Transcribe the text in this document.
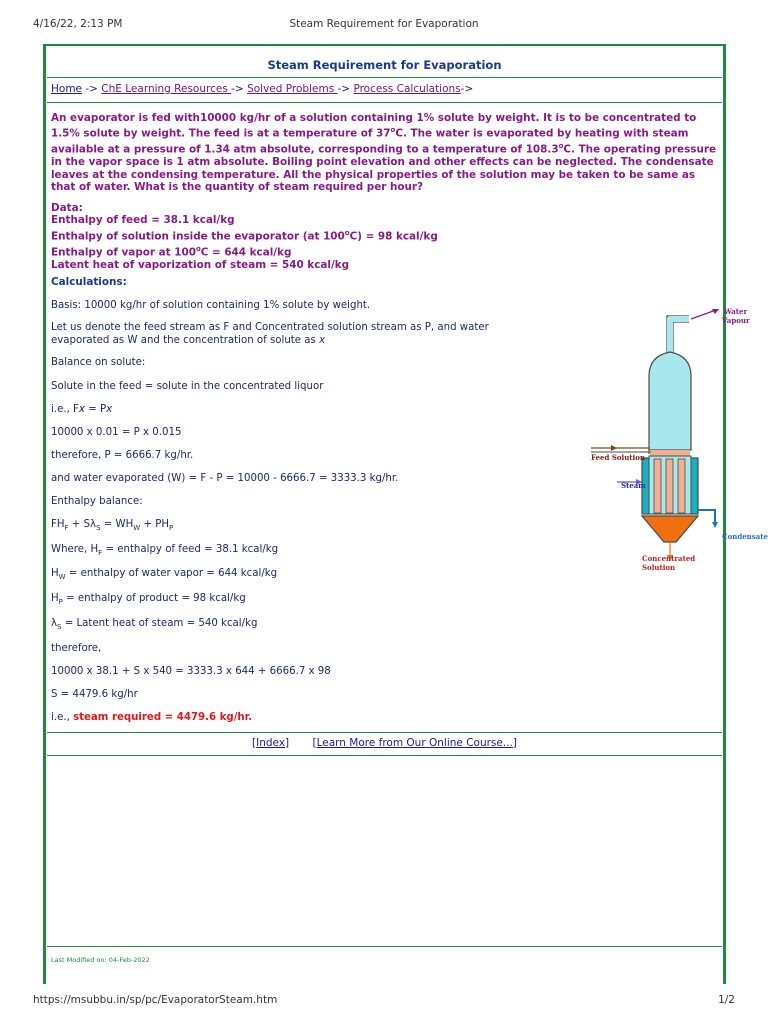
4/16/22, 2:13 PM	Steam Requirement for Evaporation
Steam Requirement for Evaporation
Home -> ChE Learning Resources -> Solved Problems -> Process Calculations->
An evaporator is fed with10000 kg/hr of a solution containing 1% solute by weight. It is to be concentrated to 1.5% solute by weight. The feed is at a temperature of 37$^o$C. The water is evaporated by heating with steam available at a pressure of 1.34 atm absolute, corresponding to a temperature of 108.3$^o$C. The operating pressure in the vapor space is 1 atm absolute. Boiling point elevation and other effects can be neglected. The condensate leaves at the condensing temperature. All the physical properties of the solution may be taken to be same as that of water. What is the quantity of steam required per hour?
Data:
Enthalpy of feed = 38.1 kcal/kg
Enthalpy of solution inside the evaporator (at $100^oC) = 98$ kcal/kg
Enthalpy of vapor at $100^oC = 644$ kcal/kg
Latent heat of vaporization of steam = 540 kcal/kg
Calculations:
Basis: 10000 kg/hr of solution containing 1% solute by weight.
Let us denote the feed stream as F and Concentrated solution stream as P, and water evaporated as W and the concentration of solute as x
Balance on solute:
Solute in the feed = solute in the concentrated liquor
i.e., Fx = Px
10000 x 0.01 = P x 0.015
therefore, P = 6666.7 kg/hr.
and water evaporated (W) = F - P = 10000 - 6666.7 = 3333.3 kg/hr.
Enthalpy balance:
$FH_F + S\lambda_S = WH_W + PH_P$
Where, $H_F$ = enthalpy of feed = 38.1 kcal/kg
$H_W$ = enthalpy of water vapor = 644 kcal/kg
$H_P$ = enthalpy of product = 98 kcal/kg
$\lambda_S$ = Latent heat of steam = 540 kcal/kg
therefore,
10000 x 38.1 + S x 540 = 3333.3 x 644 + 6666.7 x 98
S = 4479.6 kg/hr
i.e., steam required = 4479.6 kg/hr.
Water
Vapour
Feed Solution
Steam
Condensate
Concentrated
Solution
[Index]       [Learn More from Our Online Course...]
Last Modified on: 04-Feb-2022
https://msubbu.in/sp/pc/EvaporatorSteam.htm	1/2
